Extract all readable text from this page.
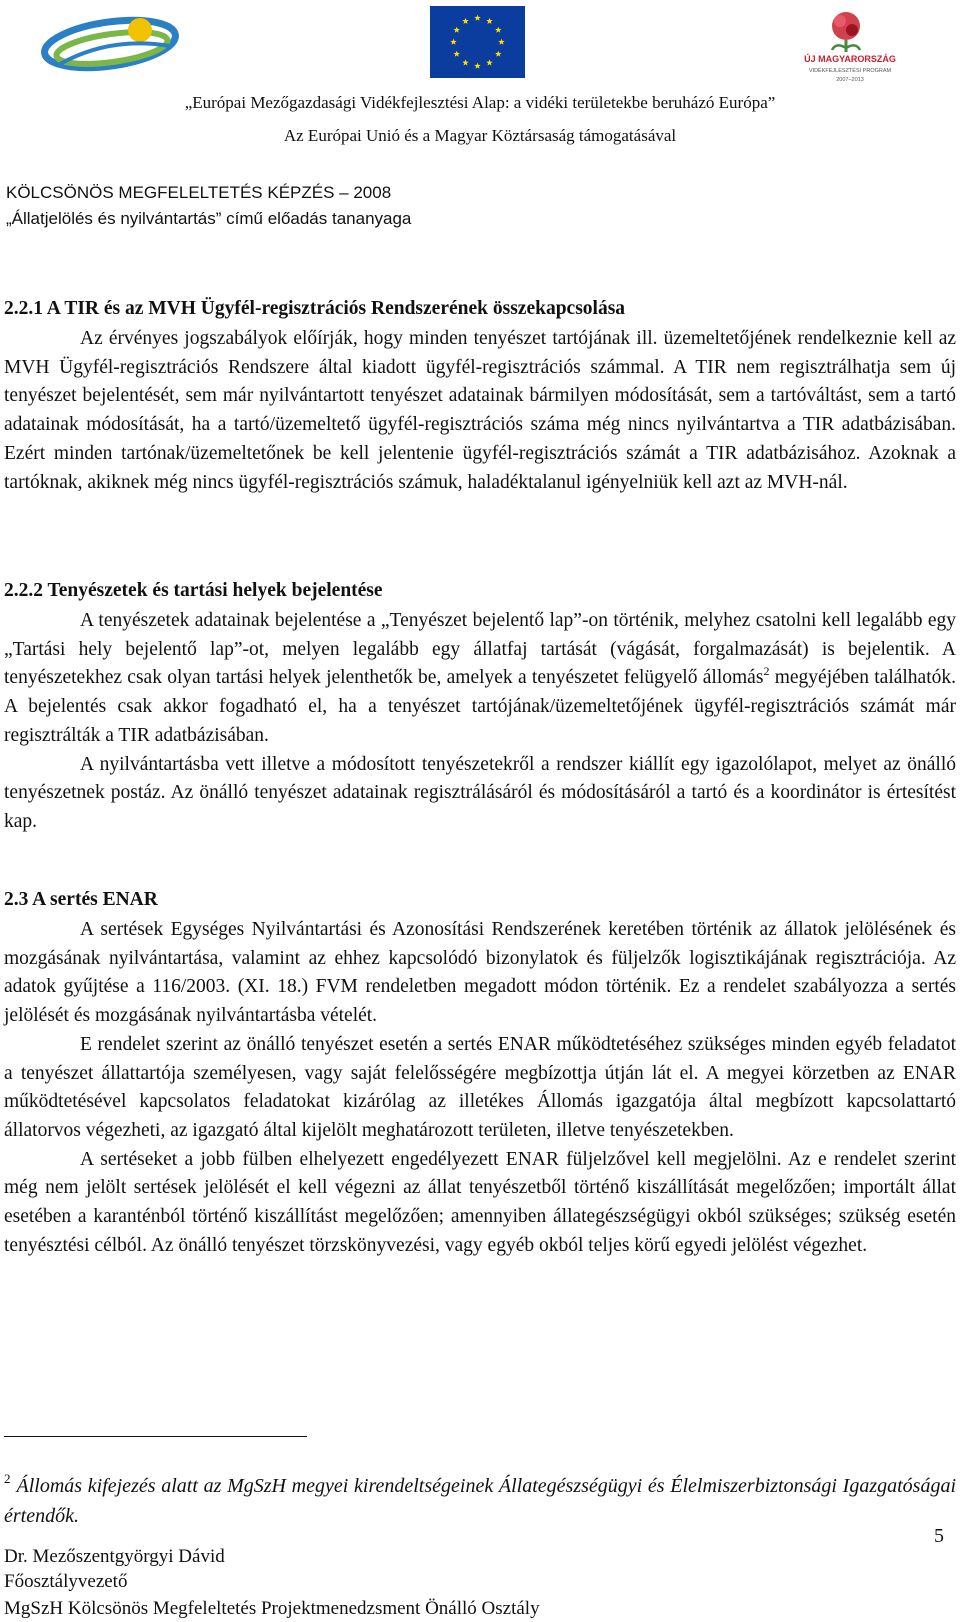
ÚJ MAGYARORSZÁG
VIDÉKFEJLESZTÉSI PROGRAM
2007–2013
„Európai Mezőgazdasági Vidékfejlesztési Alap: a vidéki területekbe beruházó Európa”
Az Európai Unió és a Magyar Köztársaság támogatásával
KÖLCSÖNÖS MEGFELELTETÉS KÉPZÉS – 2008
„Állatjelölés és nyilvántartás” című előadás tananyaga
2.2.1 A TIR és az MVH Ügyfél-regisztrációs Rendszerének összekapcsolása

Az érvényes jogszabályok előírják, hogy minden tenyészet tartójának ill. üzemeltetőjének rendelkeznie kell az MVH Ügyfél-regisztrációs Rendszere által kiadott ügyfél-regisztrációs számmal. A TIR nem regisztrálhatja sem új tenyészet bejelentését, sem már nyilvántartott tenyészet adatainak bármilyen módosítását, sem a tartóváltást, sem a tartó adatainak módosítását, ha a tartó/üzemeltető ügyfél-regisztrációs száma még nincs nyilvántartva a TIR adatbázisában. Ezért minden tartónak/üzemeltetőnek be kell jelentenie ügyfél-regisztrációs számát a TIR adatbázisához. Azoknak a tartóknak, akiknek még nincs ügyfél-regisztrációs számuk, haladéktalanul igényelniük kell azt az MVH-nál.

2.2.2 Tenyészetek és tartási helyek bejelentése

A tenyészetek adatainak bejelentése a „Tenyészet bejelentő lap”-on történik, melyhez csatolni kell legalább egy „Tartási hely bejelentő lap”-ot, melyen legalább egy állatfaj tartását (vágását, forgalmazását) is bejelentik. A tenyészetekhez csak olyan tartási helyek jelenthetők be, amelyek a tenyészetet felügyelő állomás$^2$ megyéjében találhatók. A bejelentés csak akkor fogadható el, ha a tenyészet tartójának/üzemeltetőjének ügyfél-regisztrációs számát már regisztrálták a TIR adatbázisában.

A nyilvántartásba vett illetve a módosított tenyészetekről a rendszer kiállít egy igazolólapot, melyet az önálló tenyészetnek postáz. Az önálló tenyészet adatainak regisztrálásáról és módosításáról a tartó és a koordinátor is értesítést kap.

2.3 A sertés ENAR

A sertések Egységes Nyilvántartási és Azonosítási Rendszerének keretében történik az állatok jelölésének és mozgásának nyilvántartása, valamint az ehhez kapcsolódó bizonylatok és füljelzők logisztikájának regisztrációja. Az adatok gyűjtése a 116/2003. (XI. 18.) FVM rendeletben megadott módon történik. Ez a rendelet szabályozza a sertés jelölését és mozgásának nyilvántartásba vételét.

E rendelet szerint az önálló tenyészet esetén a sertés ENAR működtetéséhez szükséges minden egyéb feladatot a tenyészet állattartója személyesen, vagy saját felelősségére megbízottja útján lát el. A megyei körzetben az ENAR működtetésével kapcsolatos feladatokat kizárólag az illetékes Állomás igazgatója által megbízott kapcsolattartó állatorvos végezheti, az igazgató által kijelölt meghatározott területen, illetve tenyészetekben.

A sertéseket a jobb fülben elhelyezett engedélyezett ENAR füljelzővel kell megjelölni. Az e rendelet szerint még nem jelölt sertések jelölését el kell végezni az állat tenyészetből történő kiszállítását megelőzően; importált állat esetében a karanténból történő kiszállítást megelőzően; amennyiben állategészségügyi okból szükséges; szükség esetén tenyésztési célból. Az önálló tenyészet törzskönyvezési, vagy egyéb okból teljes körű egyedi jelölést végezhet.

$^2$ Állomás kifejezés alatt az MgSzH megyei kirendeltségeinek Állategészségügyi és Élelmiszerbiztonsági Igazgatóságai értendők.
5
Dr. Mezőszentgyörgyi Dávid
Főosztályvezető
MgSzH Kölcsönös Megfeleltetés Projektmenedzsment Önálló Osztály
